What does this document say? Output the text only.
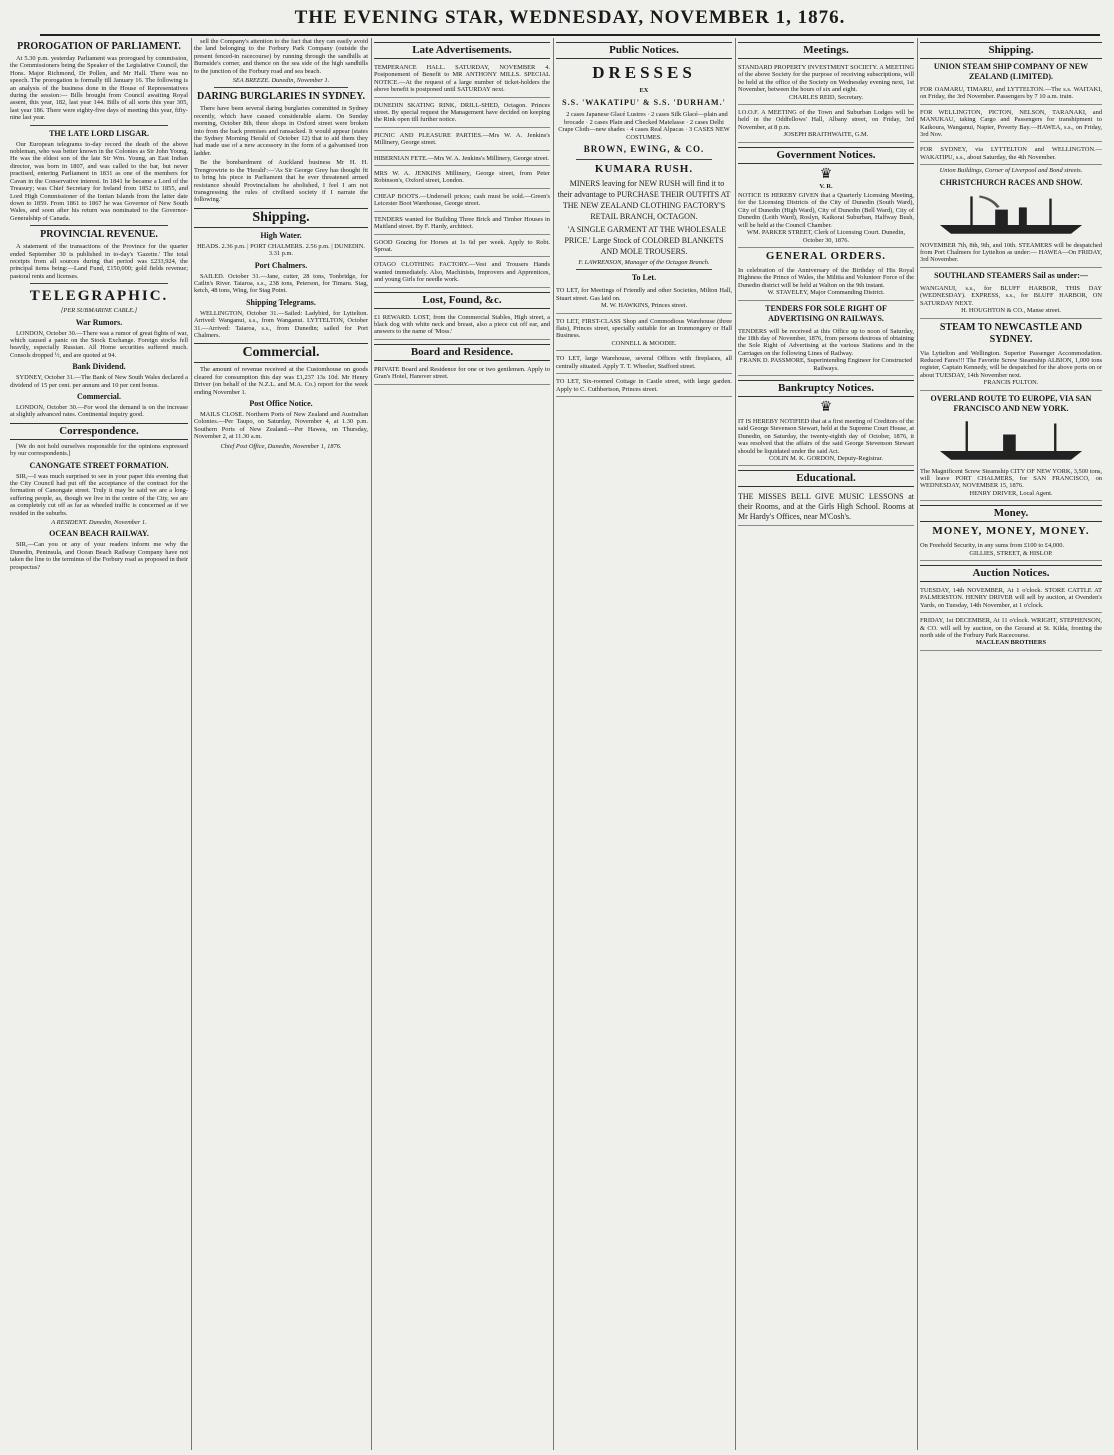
THE EVENING STAR, WEDNESDAY, NOVEMBER 1, 1876.
PROROGATION OF PARLIAMENT.

At 5.30 p.m. yesterday Parliament was prorogued by commission, the Commissioners being the Speaker of the Legislative Council, the Hons. Major Richmond, Dr Pollen, and Mr Hall. There was no speech. The prorogation is formally till January 16. The following is an analysis of the business done in the House of Representatives during the session:— Bills brought from Council awaiting Royal assent, this year, 182, last year 144. Bills of all sorts this year 305, last year 186. There were eighty-five days of meeting this year, fifty-nine last year.

THE LATE LORD LISGAR.

Our European telegrams to-day record the death of the above nobleman, who was better known in the Colonies as Sir John Young. He was the eldest son of the late Sir Wm. Young, an East Indian director, was born in 1807, and was called to the bar, but never practised, entering Parliament in 1831 as one of the members for Cavan in the Conservative interest. In 1841 he became a Lord of the Treasury; was Chief Secretary for Ireland from 1852 to 1855, and Lord High Commissioner of the Ionian Islands from the latter date down to 1859. From 1861 to 1867 he was Governor of New South Wales, and soon after his return was nominated to the Governor-Generalship of Canada.

PROVINCIAL REVENUE.

A statement of the transactions of the Province for the quarter ended September 30 is published in to-day's 'Gazette.' The total receipts from all sources during that period was £233,924, the principal items being:—Land Fund, £150,000; gold fields revenue; pastoral rents and licenses.

TELEGRAPHIC.
[PER SUBMARINE CABLE.]
War Rumors.

LONDON, October 30.—There was a rumor of great fights of war, which caused a panic on the Stock Exchange. Foreign stocks fell heavily, especially Russian. All Home securities suffered much. Consols dropped ½, and are quoted at 94.

Bank Dividend.

SYDNEY, October 31.—The Bank of New South Wales declared a dividend of 15 per cent. per annum and 10 per cent bonus.

Commercial.

LONDON, October 30.—For wool the demand is on the increase at slightly advanced rates. Continental inquiry good.

Correspondence.

[We do not hold ourselves responsible for the opinions expressed by our correspondents.]

CANONGATE STREET FORMATION.

SIR,—I was much surprised to see in your paper this evening that the City Council had put off the acceptance of the contract for the formation of Canongate street. Truly it may be said we are a long-suffering people, as, though we live in the centre of the City, we are as completely cut off as far as wheeled traffic is concerned as if we resided in the suburbs.

A RESIDENT. Dunedin, November 1.
OCEAN BEACH RAILWAY.

SIR,—Can you or any of your readers inform me why the Dunedin, Peninsula, and Ocean Beach Railway Company have not taken the line to the terminus of the Forbury road as proposed in their prospectus?

sell the Company's attention to the fact that they can easily avoid the land belonging to the Forbury Park Company (outside the present fenced-in racecourse) by running through the sandhills at Burnside's corner, and thence on the sea side of the high sandhills to the junction of the Forbury road and sea beach.

SEA BREEZE. Dunedin, November 1.
DARING BURGLARIES IN SYDNEY.

There have been several daring burglaries committed in Sydney recently, which have caused considerable alarm. On Sunday morning, October 8th, three shops in Oxford street were broken into from the back premises and ransacked. It would appear (states the Sydney Morning Herald of October 12) that to aid them they had made use of a new accessory in the form of a galvanised iron ladder.

Be the bombardment of Auckland business Mr H. H. Trengrowtrie to the 'Herald':—'As Sir George Grey has thought fit to bring his piece in Parliament that he ever threatened armed resistance should Provincialism be abolished, I feel I am not transgressing the rules of civilised society if I narrate the following.'

Shipping.
High Water.
HEADS. 2.36 p.m. | PORT CHALMERS. 2.56 p.m. | DUNEDIN. 3.31 p.m.
Port Chalmers.

SAILED. October 31.—Jane, cutter, 28 tons, Tonbridge, for Catlin's River. Taiaroa, s.s., 238 tons, Peterson, for Timaru. Stag, ketch, 48 tons, Wing, for Stag Point.

Shipping Telegrams.

WELLINGTON, October 31.—Sailed: Ladybird, for Lyttelton. Arrived: Wanganui, s.s., from Wanganui. LYTTELTON, October 31.—Arrived: Taiaroa, s.s., from Dunedin; sailed for Port Chalmers.

Commercial.

The amount of revenue received at the Customhouse on goods cleared for consumption this day was £1,237 13s 10d. Mr Henry Driver (on behalf of the N.Z.L. and M.A. Co.) report for the week ending November 1.

Post Office Notice.

MAILS CLOSE. Northern Ports of New Zealand and Australian Colonies.—Per Taupo, on Saturday, November 4, at 1.30 p.m. Southern Ports of New Zealand.—Per Hawea, on Thursday, November 2, at 11.30 a.m.

Chief Post Office, Dunedin, November 1, 1876.
Late Advertisements.
TEMPERANCE HALL. SATURDAY, NOVEMBER 4. Postponement of Benefit to MR ANTHONY MILLS. SPECIAL NOTICE.—At the request of a large number of ticket-holders the above benefit is postponed until SATURDAY next.
DUNEDIN SKATING RINK, DRILL-SHED, Octagon. Princes street. By special request the Management have decided on keeping the Rink open till further notice.
PICNIC AND PLEASURE PARTIES.—Mrs W. A. Jenkins's Millinery, George street.
HIBERNIAN FETE.—Mrs W. A. Jenkins's Millinery, George street.
MRS W. A. JENKINS Millinery, George street, from Peter Robinson's, Oxford street, London.
CHEAP BOOTS.—Undersell prices; cash must be sold.—Green's Leicester Boot Warehouse, George street.
TENDERS wanted for Building Three Brick and Timber Houses in Maitland street. By F. Hardy, architect.
GOOD Grazing for Horses at 1s 6d per week. Apply to Robt. Sproat.
OTAGO CLOTHING FACTORY.—Vest and Trousers Hands wanted immediately. Also, Machinists, Improvers and Apprentices, and young Girls for needle work.
Lost, Found, &c.
£1 REWARD. LOST, from the Commercial Stables, High street, a black dog with white neck and breast, also a piece cut off ear, and answers to the name of 'Moss.'
Board and Residence.
PRIVATE Board and Residence for one or two gentlemen. Apply to Gran's Hotel, Hanover street.
Public Notices.
DRESSES
EX
S.S. 'WAKATIPU' & S.S. 'DURHAM.'

2 cases Japanese Glacé Lustres · 2 cases Silk Glacé—plain and brocade · 2 cases Plain and Checked Matelasse · 2 cases Delhi Crape Cloth—new shades · 4 cases Real Alpacas · 3 CASES NEW COSTUMES.

BROWN, EWING, & CO.
KUMARA RUSH.

MINERS leaving for NEW RUSH will find it to their advantage to PURCHASE THEIR OUTFITS AT THE NEW ZEALAND CLOTHING FACTORY'S RETAIL BRANCH, OCTAGON.

'A SINGLE GARMENT AT THE WHOLESALE PRICE.' Large Stock of COLORED BLANKETS AND MOLE TROUSERS.

F. LAWRENSON, Manager of the Octagon Branch.
To Let.
TO LET, for Meetings of Friendly and other Societies, Milton Hall, Stuart street. Gas laid on.
M. W. HAWKINS, Princes street.
TO LET, FIRST-CLASS Shop and Commodious Warehouse (three flats), Princes street, specially suitable for an Ironmongery or Hall Business.
CONNELL & MOODIE.
TO LET, large Warehouse, several Offices with fireplaces, all centrally situated. Apply T. T. Wheeler, Stafford street.
TO LET, Six-roomed Cottage in Castle street, with large garden. Apply to C. Cuthbertson, Princes street.
Meetings.
STANDARD PROPERTY INVESTMENT SOCIETY. A MEETING of the above Society for the purpose of receiving subscriptions, will be held at the office of the Society on Wednesday evening next, 1st November, between the hours of six and eight.
CHARLES REID, Secretary.
I.O.O.F. A MEETING of the Town and Suburban Lodges will be held in the Oddfellows' Hall, Albany street, on Friday, 3rd November, at 8 p.m.
JOSEPH BRAITHWAITE, G.M.
Government Notices.
♛
V. R.
NOTICE IS HEREBY GIVEN that a Quarterly Licensing Meeting, for the Licensing Districts of the City of Dunedin (South Ward), City of Dunedin (High Ward), City of Dunedin (Bell Ward), City of Dunedin (Leith Ward), Roslyn, Kaikorai Suburban, Halfway Bush, will be held at the Council Chamber.
WM. PARKER STREET, Clerk of Licensing Court. Dunedin, October 30, 1876.
GENERAL ORDERS.
In celebration of the Anniversary of the Birthday of His Royal Highness the Prince of Wales, the Militia and Volunteer Force of the Dunedin district will be held at Walton on the 9th instant.
W. STAVELEY, Major Commanding District.
TENDERS FOR SOLE RIGHT OF ADVERTISING ON RAILWAYS.
TENDERS will be received at this Office up to noon of Saturday, the 18th day of November, 1876, from persons desirous of obtaining the Sole Right of Advertising at the various Stations and in the Carriages on the following Lines of Railway.
FRANK D. PASSMORE, Superintending Engineer for Constructed Railways.
Bankruptcy Notices.
♛
IT IS HEREBY NOTIFIED that at a first meeting of Creditors of the said George Stevenson Stewart, held at the Supreme Court House, at Dunedin, on Saturday, the twenty-eighth day of October, 1876, it was resolved that the affairs of the said George Stevenson Stewart should be liquidated under the said Act.
COLIN M. K. GORDON, Deputy-Registrar.
Educational.
THE MISSES BELL GIVE MUSIC LESSONS at their Rooms, and at the Girls High School. Rooms at Mr Hardy's Offices, near M'Cosh's.
Shipping.
UNION STEAM SHIP COMPANY OF NEW ZEALAND (LIMITED).
FOR OAMARU, TIMARU, and LYTTELTON.—The s.s. WAITAKI, on Friday, the 3rd November. Passengers by 7 10 a.m. train.
FOR WELLINGTON, PICTON, NELSON, TARANAKI, and MANUKAU, taking Cargo and Passengers for transhipment to Kaikoura, Wanganui, Napier, Poverty Bay.—HAWEA, s.s., on Friday, 3rd Nov.
FOR SYDNEY, via LYTTELTON and WELLINGTON.—WAKATIPU, s.s., about Saturday, the 4th November.
Union Buildings, Corner of Liverpool and Bond streets.
CHRISTCHURCH RACES AND SHOW.
NOVEMBER 7th, 8th, 9th, and 10th. STEAMERS will be despatched from Port Chalmers for Lyttelton as under:— HAWEA—On FRIDAY, 3rd November.
SOUTHLAND STEAMERS Sail as under:—
WANGANUI, s.s., for BLUFF HARBOR, THIS DAY (WEDNESDAY). EXPRESS, s.s., for BLUFF HARBOR, ON SATURDAY NEXT.
H. HOUGHTON & CO., Manse street.
STEAM TO NEWCASTLE AND SYDNEY.
Via Lyttelton and Wellington. Superior Passenger Accommodation. Reduced Fares!!! The Favorite Screw Steamship ALBION, 1,000 tons register, Captain Kennedy, will be despatched for the above ports on or about TUESDAY, 14th November next.
FRANCIS FULTON.
OVERLAND ROUTE TO EUROPE, VIA SAN FRANCISCO AND NEW YORK.
The Magnificent Screw Steamship CITY OF NEW YORK, 3,500 tons, will leave PORT CHALMERS, for SAN FRANCISCO, on WEDNESDAY, NOVEMBER 15, 1876.
HENRY DRIVER, Local Agent.
Money.
MONEY, MONEY, MONEY.
On Freehold Security, in any sums from £100 to £4,000.
GILLIES, STREET, & HISLOP.
Auction Notices.
TUESDAY, 14th NOVEMBER, At 1 o'clock. STORE CATTLE AT PALMERSTON. HENRY DRIVER will sell by auction, at Ovenden's Yards, on Tuesday, 14th November, at 1 o'clock.
FRIDAY, 1st DECEMBER, At 11 o'clock. WRIGHT, STEPHENSON, & CO. will sell by auction, on the Ground at St. Kilda, fronting the north side of the Forbury Park Racecourse.
MACLEAN BROTHERS
